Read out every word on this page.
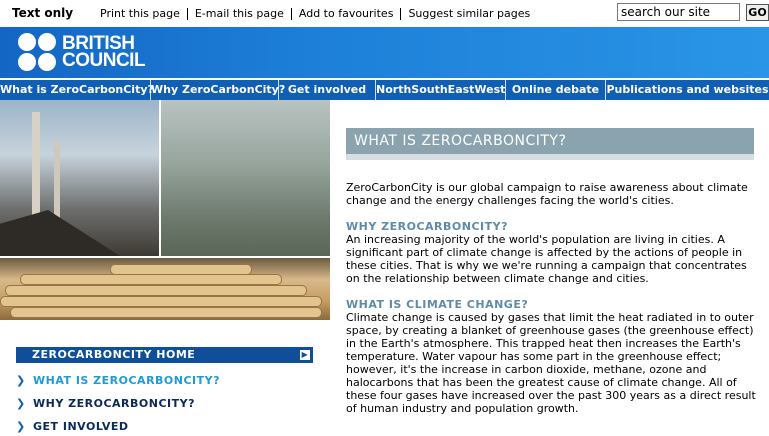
Text only	Print this page	E-mail this page	Add to favourites	Suggest similar pages
search our site	GO
BRITISH
COUNCIL
What is ZeroCarbonCity?
Why ZeroCarbonCity? Get involved NorthSouthEastWest Online debate Publications and websites
ZEROCARBONCITY HOME	▶
❯ WHAT IS ZEROCARBONCITY?
❯ WHY ZEROCARBONCITY?
❯ GET INVOLVED
WHAT IS ZEROCARBONCITY?

ZeroCarbonCity is our global campaign to raise awareness about climate change and the energy challenges facing the world's cities.

WHY ZEROCARBONCITY?

An increasing majority of the world's population are living in cities. A significant part of climate change is affected by the actions of people in these cities. That is why we we're running a campaign that concentrates on the relationship between climate change and cities.

WHAT IS CLIMATE CHANGE?

Climate change is caused by gases that limit the heat radiated in to outer space, by creating a blanket of greenhouse gases (the greenhouse effect) in the Earth's atmosphere. This trapped heat then increases the Earth's temperature. Water vapour has some part in the greenhouse effect; however, it's the increase in carbon dioxide, methane, ozone and halocarbons that has been the greatest cause of climate change. All of these four gases have increased over the past 300 years as a direct result of human industry and population growth.
